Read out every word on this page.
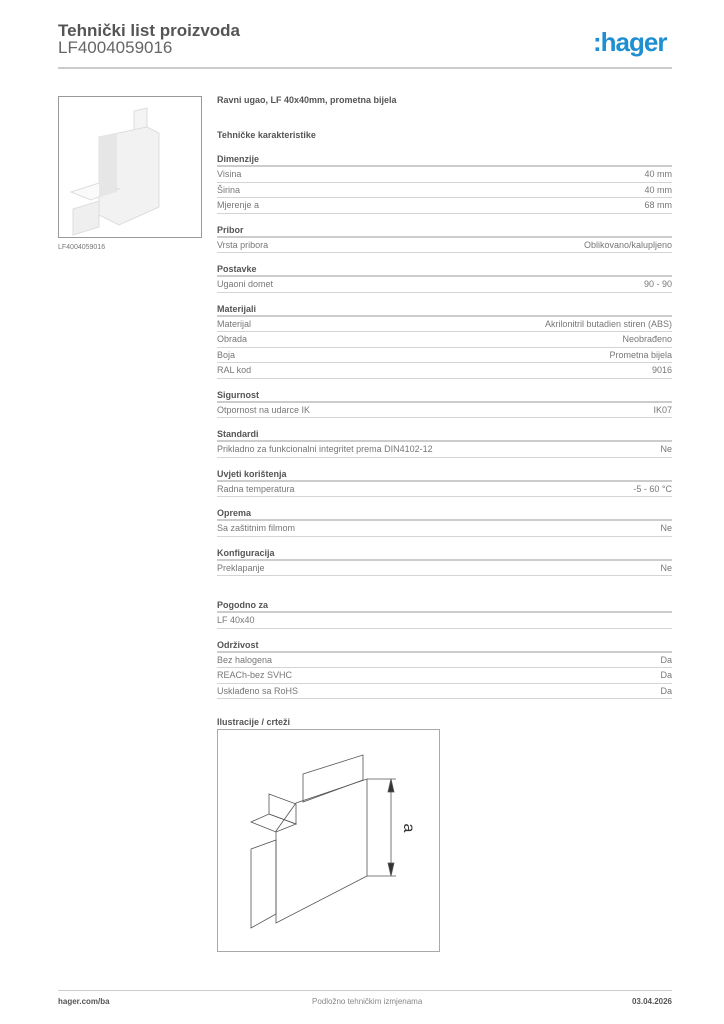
Tehnički list proizvoda
LF4004059016	:hager
LF4004059016
Ravni ugao, LF 40x40mm, prometna bijela
Tehničke karakteristike
Dimenzije
Visina	40 mm
Širina	40 mm
Mjerenje a	68 mm
Pribor
Vrsta pribora	Oblikovano/kalupljeno
Postavke
Ugaoni domet	90 - 90
Materijali
Materijal	Akrilonitril butadien stiren (ABS)
Obrada	Neobrađeno
Boja	Prometna bijela
RAL kod	9016
Sigurnost
Otpornost na udarce IK	IK07
Standardi
Prikladno za funkcionalni integritet prema DIN4102-12	Ne
Uvjeti korištenja
Radna temperatura	-5 - 60 °C
Oprema
Sa zaštitnim filmom	Ne
Konfiguracija
Preklapanje	Ne
Pogodno za
LF 40x40
Održivost
Bez halogena	Da
REACh-bez SVHC	Da
Usklađeno sa RoHS	Da
Ilustracije / crteži
a
hager.com/ba	Podložno tehničkim izmjenama	03.04.2026
